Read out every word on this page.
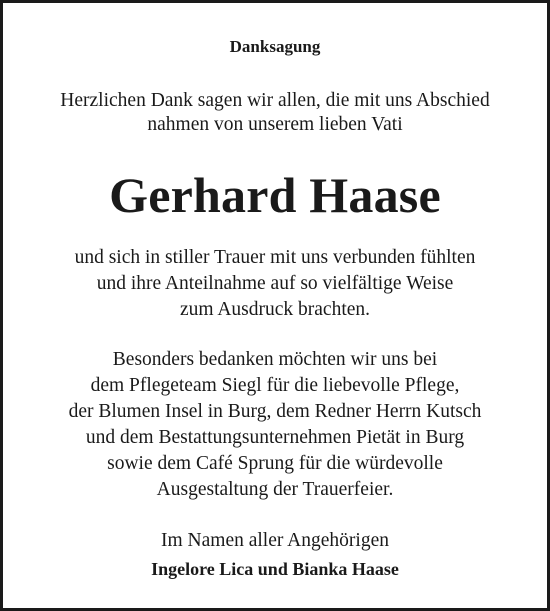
Danksagung
Herzlichen Dank sagen wir allen, die mit uns Abschied
nahmen von unserem lieben Vati
Gerhard Haase
und sich in stiller Trauer mit uns verbunden fühlten
und ihre Anteilnahme auf so vielfältige Weise
zum Ausdruck brachten.
Besonders bedanken möchten wir uns bei
dem Pflegeteam Siegl für die liebevolle Pflege,
der Blumen Insel in Burg, dem Redner Herrn Kutsch
und dem Bestattungsunternehmen Pietät in Burg
sowie dem Café Sprung für die würdevolle
Ausgestaltung der Trauerfeier.
Im Namen aller Angehörigen
Ingelore Lica und Bianka Haase
